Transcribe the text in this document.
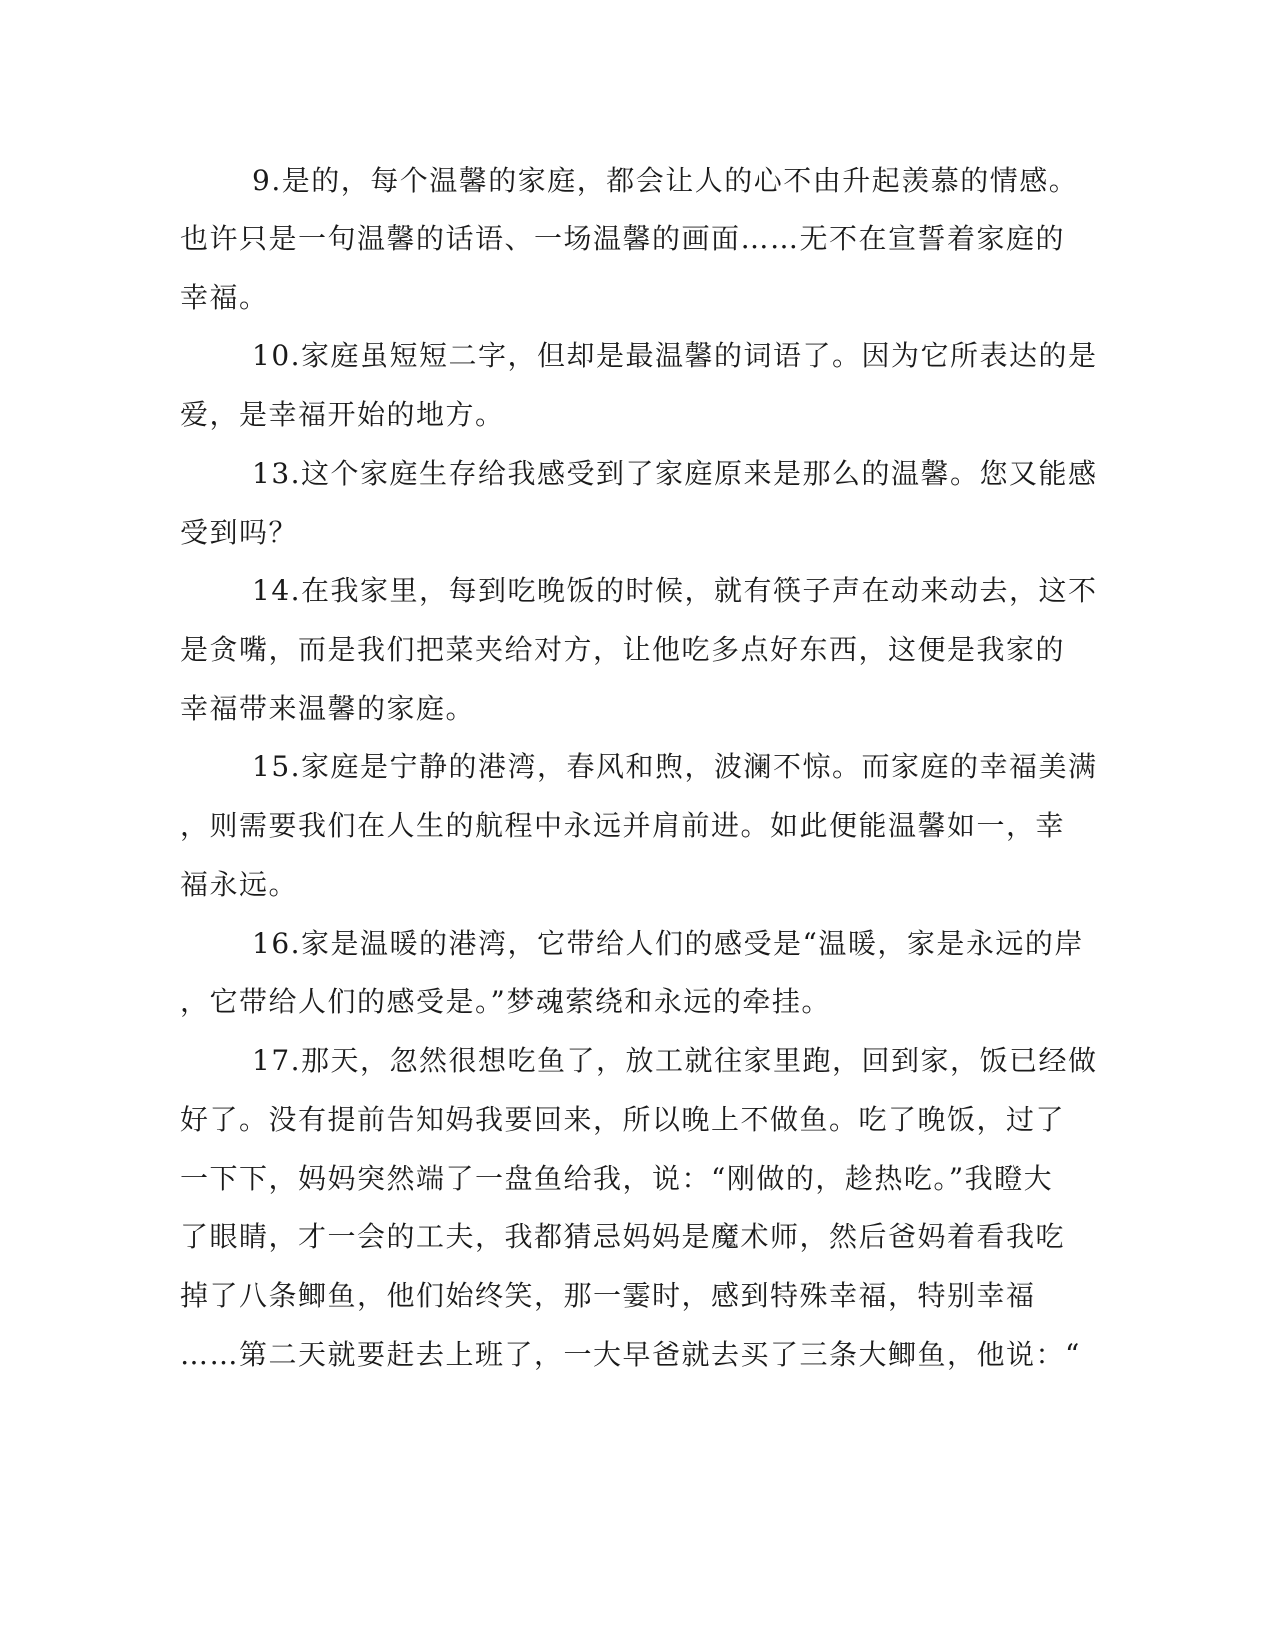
9.是的，每个温馨的家庭，都会让人的心不由升起羡慕的情感。
也许只是一句温馨的话语、一场温馨的画面……无不在宣誓着家庭的
幸福。
10.家庭虽短短二字，但却是最温馨的词语了。因为它所表达的是
爱，是幸福开始的地方。
13.这个家庭生存给我感受到了家庭原来是那么的温馨。您又能感
受到吗？
14.在我家里，每到吃晚饭的时候，就有筷子声在动来动去，这不
是贪嘴，而是我们把菜夹给对方，让他吃多点好东西，这便是我家的
幸福带来温馨的家庭。
15.家庭是宁静的港湾，春风和煦，波澜不惊。而家庭的幸福美满
，则需要我们在人生的航程中永远并肩前进。如此便能温馨如一，幸
福永远。
16.家是温暖的港湾，它带给人们的感受是“温暖，家是永远的岸
，它带给人们的感受是。”梦魂萦绕和永远的牵挂。
17.那天，忽然很想吃鱼了，放工就往家里跑，回到家，饭已经做
好了。没有提前告知妈我要回来，所以晚上不做鱼。吃了晚饭，过了
一下下，妈妈突然端了一盘鱼给我，说：“刚做的，趁热吃。”我瞪大
了眼睛，才一会的工夫，我都猜忌妈妈是魔术师，然后爸妈着看我吃
掉了八条鲫鱼，他们始终笑，那一霎时，感到特殊幸福，特别幸福
……第二天就要赶去上班了，一大早爸就去买了三条大鲫鱼，他说：“
